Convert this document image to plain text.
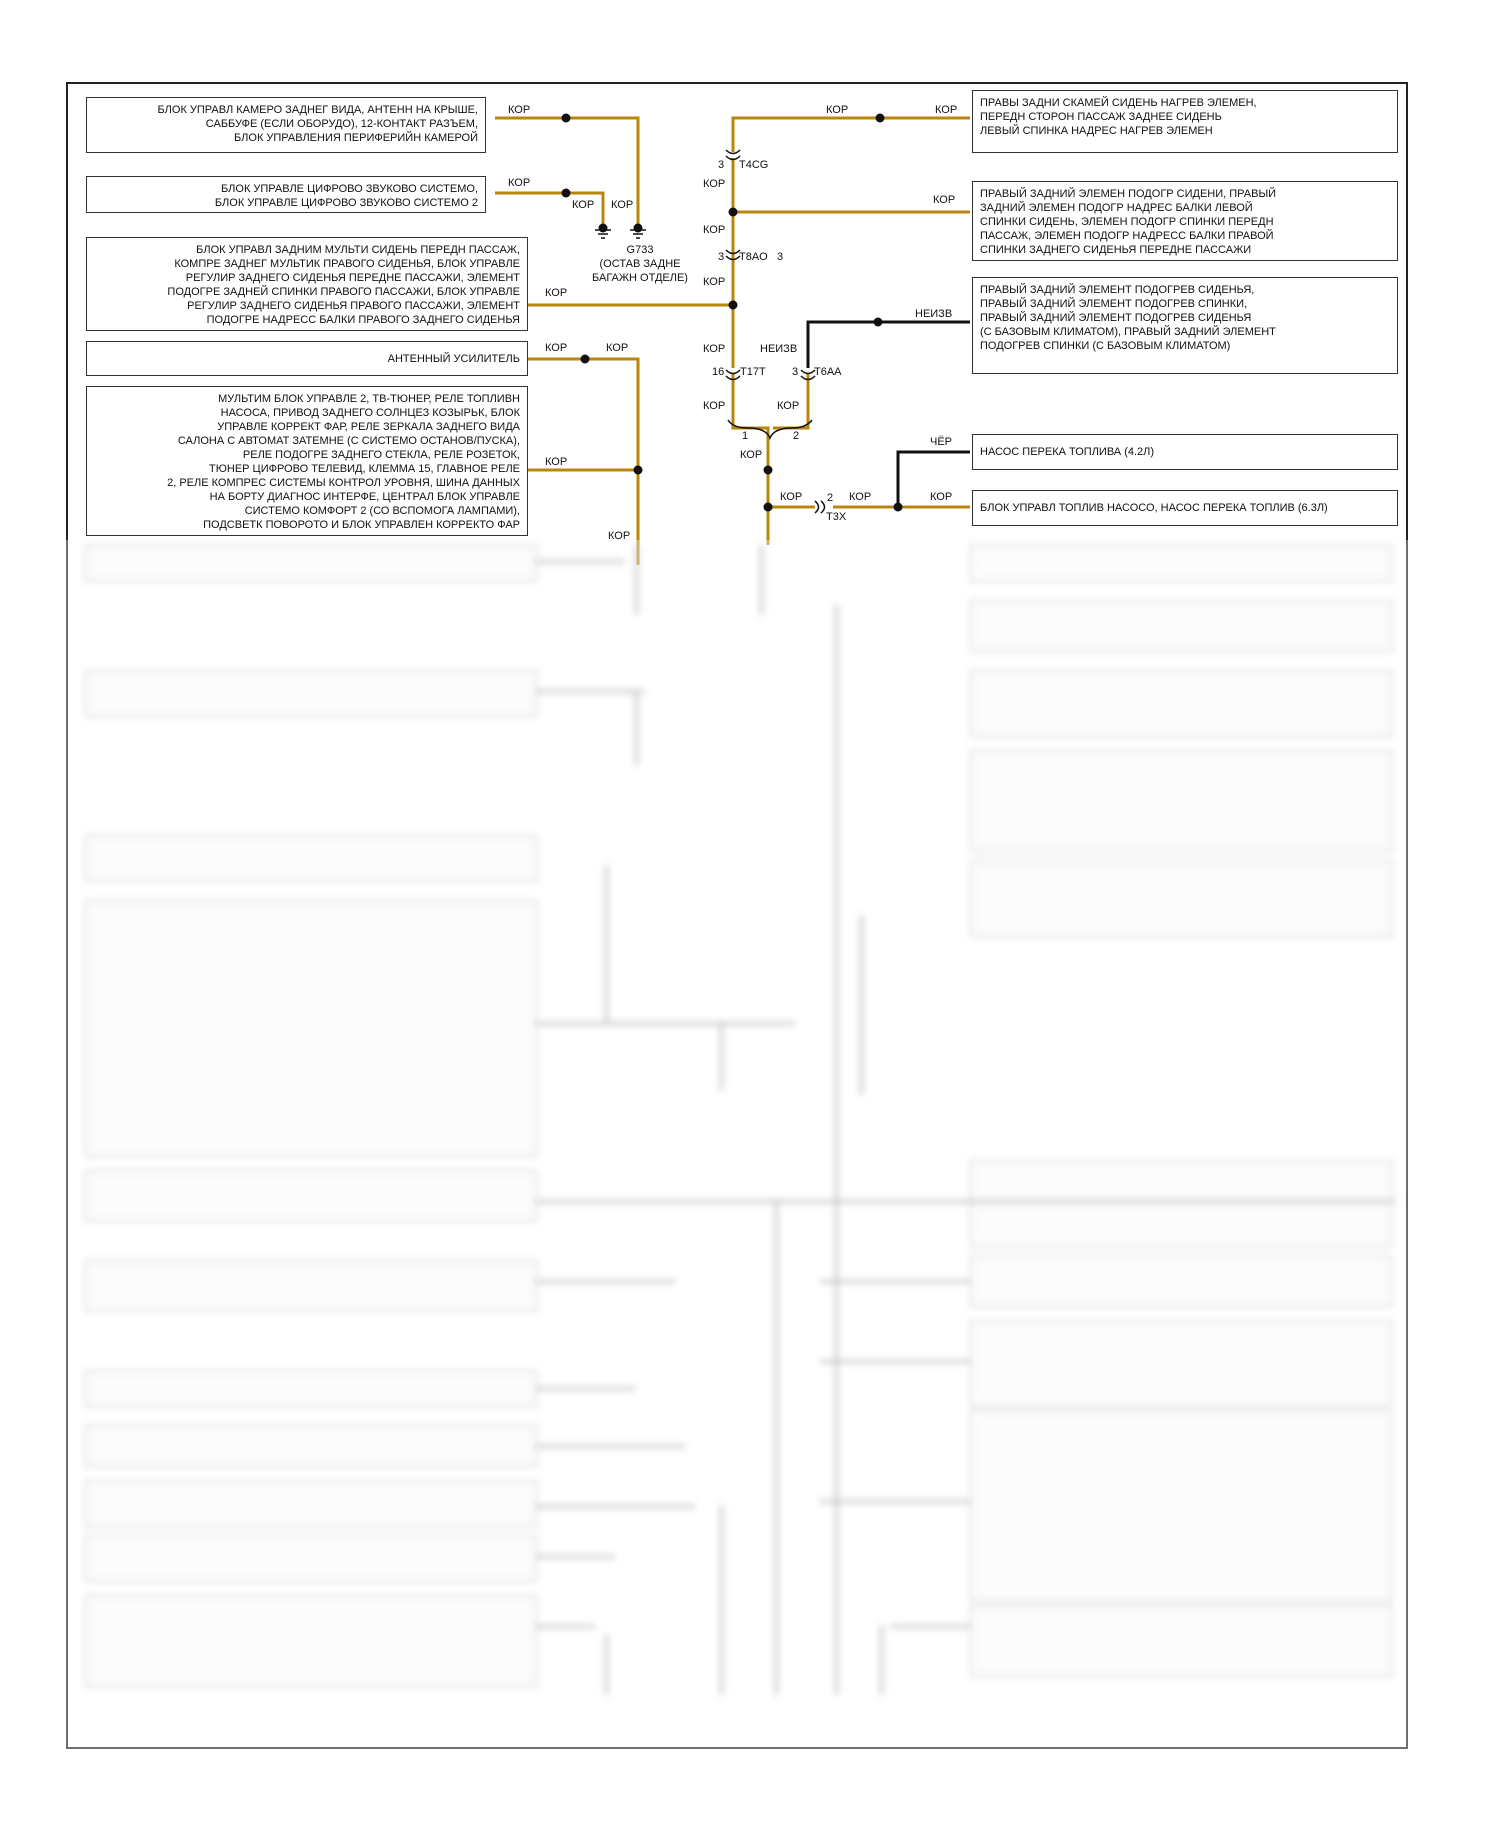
БЛОК УПРАВЛ КАМЕРО ЗАДНЕГ ВИДА, АНТЕНН НА КРЫШЕ,
САББУФЕ (ЕСЛИ ОБОРУДО), 12-КОНТАКТ РАЗЪЕМ,
БЛОК УПРАВЛЕНИЯ ПЕРИФЕРИЙН КАМЕРОЙ
БЛОК УПРАВЛЕ ЦИФРОВО ЗВУКОВО СИСТЕМО,
БЛОК УПРАВЛЕ ЦИФРОВО ЗВУКОВО СИСТЕМО 2
БЛОК УПРАВЛ ЗАДНИМ МУЛЬТИ СИДЕНЬ ПЕРЕДН ПАССАЖ,
КОМПРЕ ЗАДНЕГ МУЛЬТИК ПРАВОГО СИДЕНЬЯ, БЛОК УПРАВЛЕ
РЕГУЛИР ЗАДНЕГО СИДЕНЬЯ ПЕРЕДНЕ ПАССАЖИ, ЭЛЕМЕНТ
ПОДОГРЕ ЗАДНЕЙ СПИНКИ ПРАВОГО ПАССАЖИ, БЛОК УПРАВЛЕ
РЕГУЛИР ЗАДНЕГО СИДЕНЬЯ ПРАВОГО ПАССАЖИ, ЭЛЕМЕНТ
ПОДОГРЕ НАДРЕСС БАЛКИ ПРАВОГО ЗАДНЕГО СИДЕНЬЯ
АНТЕННЫЙ УСИЛИТЕЛЬ
МУЛЬТИМ БЛОК УПРАВЛЕ 2, ТВ-ТЮНЕР, РЕЛЕ ТОПЛИВН
НАСОСА, ПРИВОД ЗАДНЕГО СОЛНЦЕЗ КОЗЫРЬК, БЛОК
УПРАВЛЕ КОРРЕКТ ФАР, РЕЛЕ ЗЕРКАЛА ЗАДНЕГО ВИДА
САЛОНА С АВТОМАТ ЗАТЕМНЕ (С СИСТЕМО ОСТАНОВ/ПУСКА),
РЕЛЕ ПОДОГРЕ ЗАДНЕГО СТЕКЛА, РЕЛЕ РОЗЕТОК,
ТЮНЕР ЦИФРОВО ТЕЛЕВИД, КЛЕММА 15, ГЛАВНОЕ РЕЛЕ
2, РЕЛЕ КОМПРЕС СИСТЕМЫ КОНТРОЛ УРОВНЯ, ШИНА ДАННЫХ
НА БОРТУ ДИАГНОС ИНТЕРФЕ, ЦЕНТРАЛ БЛОК УПРАВЛЕ
СИСТЕМО КОМФОРТ 2 (СО ВСПОМОГА ЛАМПАМИ),
ПОДСВЕТК ПОВОРОТО И БЛОК УПРАВЛЕН КОРРЕКТО ФАР
ПРАВЫ ЗАДНИ СКАМЕЙ СИДЕНЬ НАГРЕВ ЭЛЕМЕН,
ПЕРЕДН СТОРОН ПАССАЖ ЗАДНЕЕ СИДЕНЬ
ЛЕВЫЙ СПИНКА НАДРЕС НАГРЕВ ЭЛЕМЕН
ПРАВЫЙ ЗАДНИЙ ЭЛЕМЕН ПОДОГР СИДЕНИ, ПРАВЫЙ
ЗАДНИЙ ЭЛЕМЕН ПОДОГР НАДРЕС БАЛКИ ЛЕВОЙ
СПИНКИ СИДЕНЬ, ЭЛЕМЕН ПОДОГР СПИНКИ ПЕРЕДН
ПАССАЖ, ЭЛЕМЕН ПОДОГР НАДРЕСС БАЛКИ ПРАВОЙ
СПИНКИ ЗАДНЕГО СИДЕНЬЯ ПЕРЕДНЕ ПАССАЖИ
ПРАВЫЙ ЗАДНИЙ ЭЛЕМЕНТ ПОДОГРЕВ СИДЕНЬЯ,
ПРАВЫЙ ЗАДНИЙ ЭЛЕМЕНТ ПОДОГРЕВ СПИНКИ,
ПРАВЫЙ ЗАДНИЙ ЭЛЕМЕНТ ПОДОГРЕВ СИДЕНЬЯ
(С БАЗОВЫМ КЛИМАТОМ), ПРАВЫЙ ЗАДНИЙ ЭЛЕМЕНТ
ПОДОГРЕВ СПИНКИ (С БАЗОВЫМ КЛИМАТОМ)
НАСОС ПЕРЕКА ТОПЛИВА (4.2Л)
БЛОК УПРАВЛ ТОПЛИВ НАСОСО, НАСОС ПЕРЕКА ТОПЛИВ (6.3Л)
КОР
КОР
КОР КОР
КОР
КОР	КОР
КОР
КОР
КОР	КОР
КОР
КОР
КОР
КОР
КОР
КОР	КОР
КОР
КОР	КОР	КОР
НЕИЗВ
НЕИЗВ
ЧЁР
G733
(ОСТАВ ЗАДНЕ
БАГАЖН ОТДЕЛЕ)
3 T4CG
3 T8AO 3
16 T17T 3 T6AA
1	2
2
T3X
